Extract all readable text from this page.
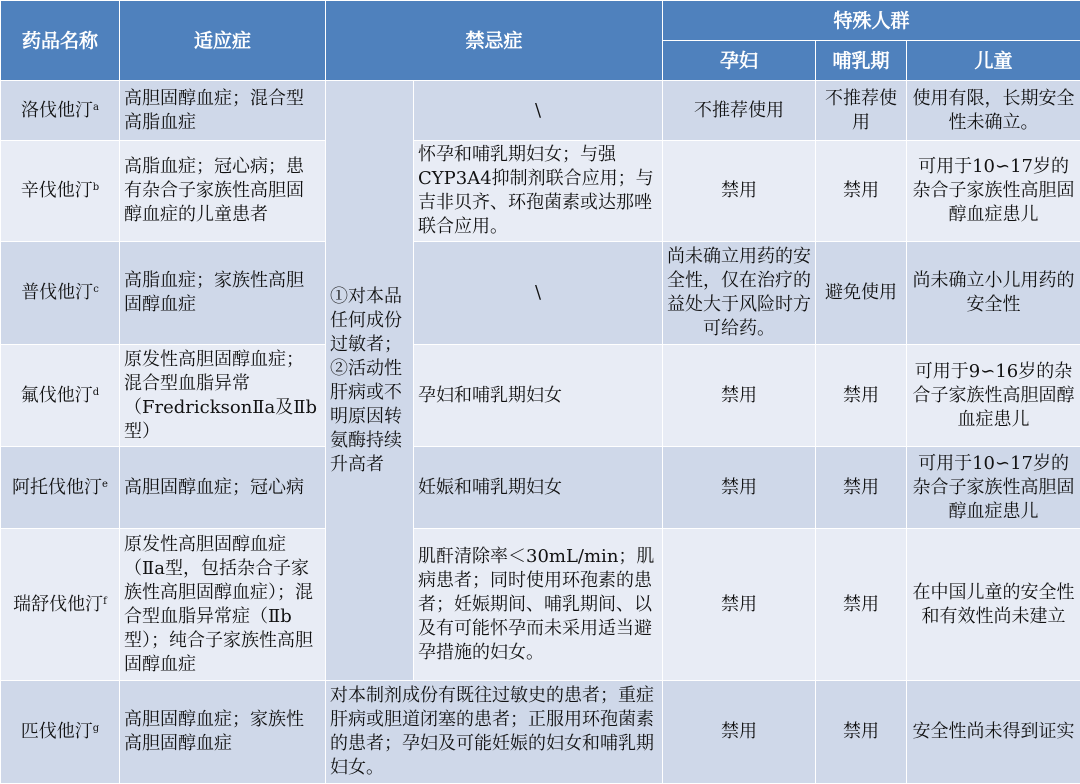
药品名称	适应症	禁忌症		特殊人群		
				孕妇	哺乳期	儿童
洛伐他汀$^a$	高胆固醇血症；混合型高脂血症	①对本品任何成份过敏者；②活动性肝病或不明原因转氨酶持续升高者	\	不推荐使用	不推荐使用	使用有限，长期安全性未确立。
辛伐他汀$^b$	高脂血症；冠心病；患有杂合子家族性高胆固醇血症的儿童患者		怀孕和哺乳期妇女；与强CYP3A4抑制剂联合应用；与吉非贝齐、环孢菌素或达那唑联合应用。	禁用	禁用	可用于10∽17岁的杂合子家族性高胆固醇血症患儿
普伐他汀$^c$	高脂血症；家族性高胆固醇血症		\	尚未确立用药的安全性，仅在治疗的益处大于风险时方可给药。	避免使用	尚未确立小儿用药的安全性
氟伐他汀$^d$	原发性高胆固醇血症；混合型血脂异常（FredricksonⅡa及Ⅱb型）		孕妇和哺乳期妇女	禁用	禁用	可用于9∽16岁的杂合子家族性高胆固醇血症患儿
阿托伐他汀$^e$	高胆固醇血症；冠心病		妊娠和哺乳期妇女	禁用	禁用	可用于10∽17岁的杂合子家族性高胆固醇血症患儿
瑞舒伐他汀$^f$	原发性高胆固醇血症（Ⅱa型，包括杂合子家族性高胆固醇血症）；混合型血脂异常症（Ⅱb型）；纯合子家族性高胆固醇血症		肌酐清除率＜30mL/min；肌病患者；同时使用环孢素的患者；妊娠期间、哺乳期间、以及有可能怀孕而未采用适当避孕措施的妇女。	禁用	禁用	在中国儿童的安全性和有效性尚未建立
匹伐他汀$^g$	高胆固醇血症；家族性高胆固醇血症	对本制剂成份有既往过敏史的患者；重症肝病或胆道闭塞的患者；正服用环孢菌素的患者；孕妇及可能妊娠的妇女和哺乳期妇女。		禁用	禁用	安全性尚未得到证实
